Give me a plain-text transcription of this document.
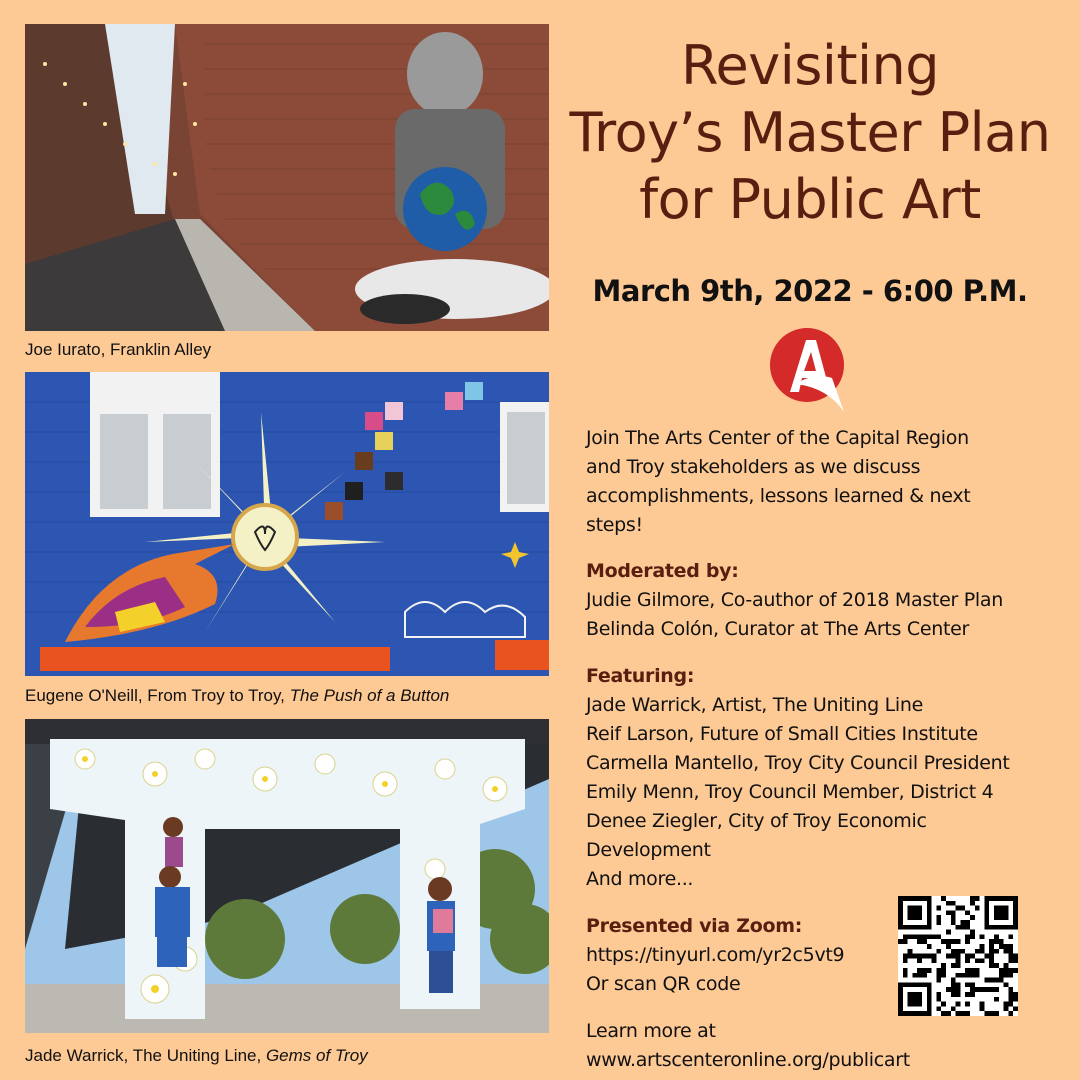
Joe Iurato, Franklin Alley
Eugene O'Neill, From Troy to Troy, The Push of a Button
Jade Warrick, The Uniting Line, Gems of Troy
Revisiting
Troy’s Master Plan
for Public Art
March 9th, 2022 - 6:00 P.M.
Join The Arts Center of the Capital Region
and Troy stakeholders as we discuss
accomplishments, lessons learned & next
steps!
Moderated by:
Judie Gilmore, Co-author of 2018 Master Plan
Belinda Colón, Curator at The Arts Center
Featuring:
Jade Warrick, Artist, The Uniting Line
Reif Larson, Future of Small Cities Institute
Carmella Mantello, Troy City Council President
Emily Menn, Troy Council Member, District 4
Denee Ziegler, City of Troy Economic
Development
And more...
Presented via Zoom:
https://tinyurl.com/yr2c5vt9
Or scan QR code
Learn more at
www.artscenteronline.org/publicart
